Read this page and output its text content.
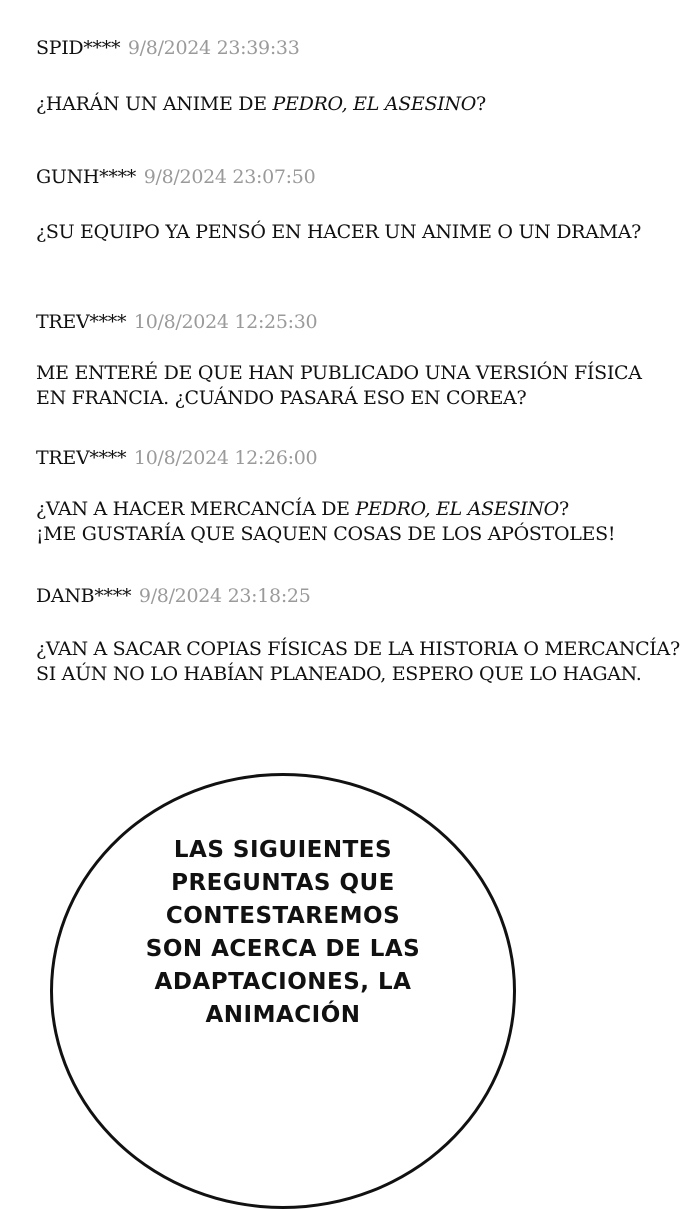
SPID**** 9/8/2024 23:39:33
¿HARÁN UN ANIME DE PEDRO, EL ASESINO?
GUNH**** 9/8/2024 23:07:50
¿SU EQUIPO YA PENSÓ EN HACER UN ANIME O UN DRAMA?
TREV**** 10/8/2024 12:25:30
ME ENTERÉ DE QUE HAN PUBLICADO UNA VERSIÓN FÍSICA
EN FRANCIA. ¿CUÁNDO PASARÁ ESO EN COREA?
TREV**** 10/8/2024 12:26:00
¿VAN A HACER MERCANCÍA DE PEDRO, EL ASESINO?
¡ME GUSTARÍA QUE SAQUEN COSAS DE LOS APÓSTOLES!
DANB**** 9/8/2024 23:18:25
¿VAN A SACAR COPIAS FÍSICAS DE LA HISTORIA O MERCANCÍA?
SI AÚN NO LO HABÍAN PLANEADO, ESPERO QUE LO HAGAN.
LAS SIGUIENTES
PREGUNTAS QUE
CONTESTAREMOS
SON ACERCA DE LAS
ADAPTACIONES, LA
ANIMACIÓN
